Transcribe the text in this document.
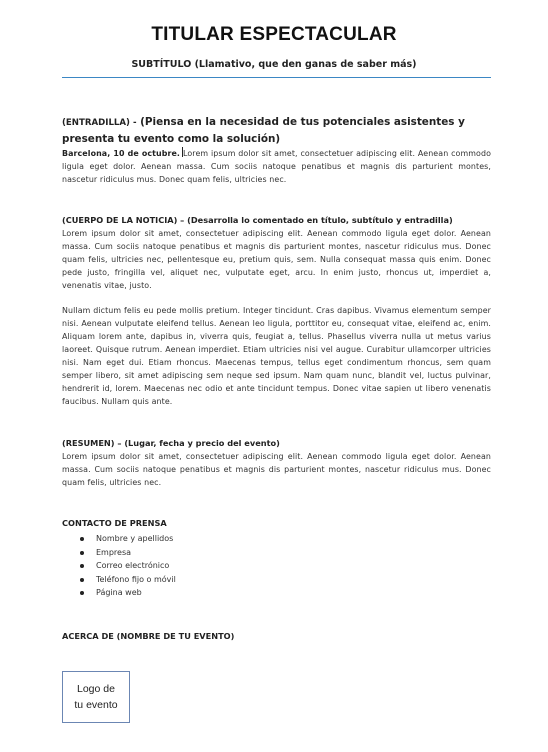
TITULAR ESPECTACULAR
SUBTÍTULO (Llamativo, que den ganas de saber más)

(ENTRADILLA) - (Piensa en la necesidad de tus potenciales asistentes y presenta tu evento como la solución)

Barcelona, 10 de octubre. Lorem ipsum dolor sit amet, consectetuer adipiscing elit. Aenean commodo ligula eget dolor. Aenean massa. Cum sociis natoque penatibus et magnis dis parturient montes, nascetur ridiculus mus. Donec quam felis, ultricies nec.

(CUERPO DE LA NOTICIA) – (Desarrolla lo comentado en título, subtítulo y entradilla)

Lorem ipsum dolor sit amet, consectetuer adipiscing elit. Aenean commodo ligula eget dolor. Aenean massa. Cum sociis natoque penatibus et magnis dis parturient montes, nascetur ridiculus mus. Donec quam felis, ultricies nec, pellentesque eu, pretium quis, sem. Nulla consequat massa quis enim. Donec pede justo, fringilla vel, aliquet nec, vulputate eget, arcu. In enim justo, rhoncus ut, imperdiet a, venenatis vitae, justo.

Nullam dictum felis eu pede mollis pretium. Integer tincidunt. Cras dapibus. Vivamus elementum semper nisi. Aenean vulputate eleifend tellus. Aenean leo ligula, porttitor eu, consequat vitae, eleifend ac, enim. Aliquam lorem ante, dapibus in, viverra quis, feugiat a, tellus. Phasellus viverra nulla ut metus varius laoreet. Quisque rutrum. Aenean imperdiet. Etiam ultricies nisi vel augue. Curabitur ullamcorper ultricies nisi. Nam eget dui. Etiam rhoncus. Maecenas tempus, tellus eget condimentum rhoncus, sem quam semper libero, sit amet adipiscing sem neque sed ipsum. Nam quam nunc, blandit vel, luctus pulvinar, hendrerit id, lorem. Maecenas nec odio et ante tincidunt tempus. Donec vitae sapien ut libero venenatis faucibus. Nullam quis ante.

(RESUMEN) – (Lugar, fecha y precio del evento)

Lorem ipsum dolor sit amet, consectetuer adipiscing elit. Aenean commodo ligula eget dolor. Aenean massa. Cum sociis natoque penatibus et magnis dis parturient montes, nascetur ridiculus mus. Donec quam felis, ultricies nec.

CONTACTO DE PRENSA

Nombre y apellidos
Empresa
Correo electrónico
Teléfono fijo o móvil
Página web

ACERCA DE (NOMBRE DE TU EVENTO)

Logo de
tu evento
